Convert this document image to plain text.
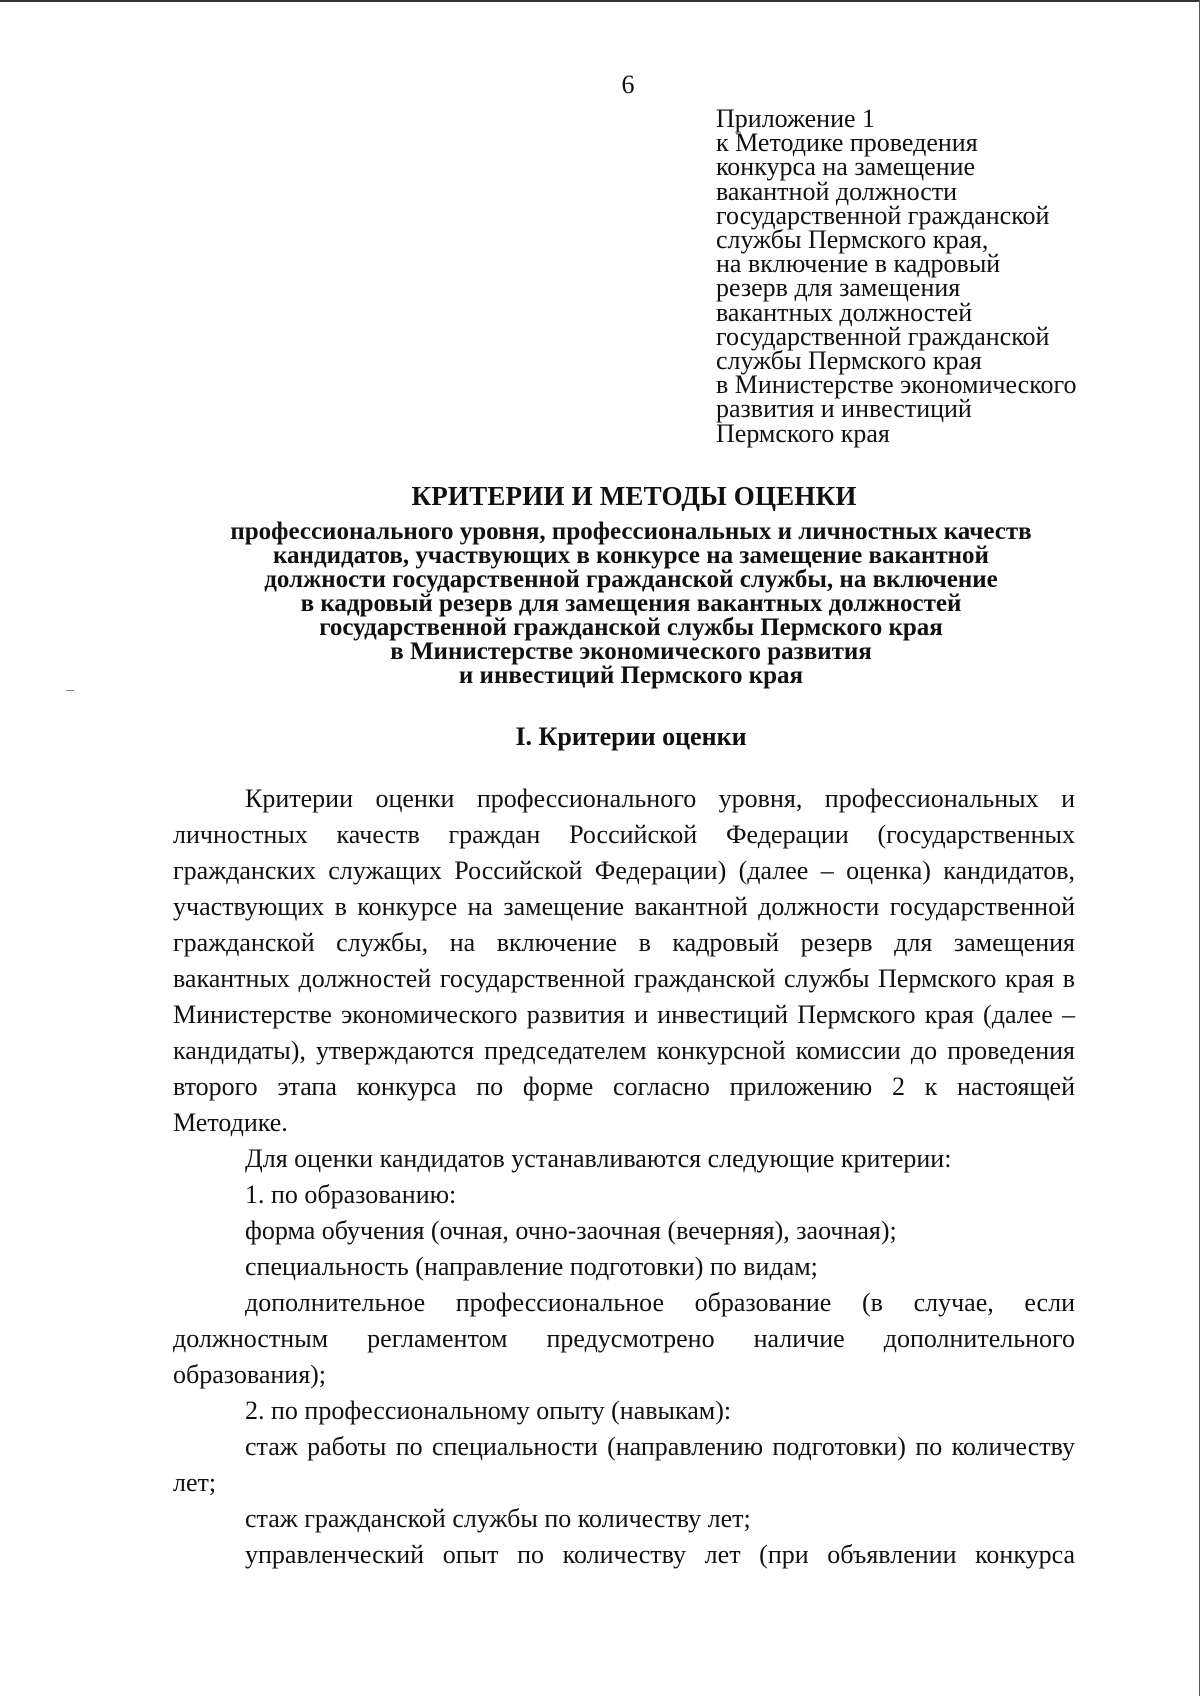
6
Приложение 1
к Методике проведения
конкурса на замещение
вакантной должности
государственной гражданской
службы Пермского края,
на включение в кадровый
резерв для замещения
вакантных должностей
государственной гражданской
службы Пермского края
в Министерстве экономического
развития и инвестиций
Пермского края
КРИТЕРИИ И МЕТОДЫ ОЦЕНКИ
профессионального уровня, профессиональных и личностных качеств
кандидатов, участвующих в конкурсе на замещение вакантной
должности государственной гражданской службы, на включение
в кадровый резерв для замещения вакантных должностей
государственной гражданской службы Пермского края
в Министерстве экономического развития
и инвестиций Пермского края
I. Критерии оценки

Критерии оценки профессионального уровня, профессиональных и личностных качеств граждан Российской Федерации (государственных гражданских служащих Российской Федерации) (далее – оценка) кандидатов, участвующих в конкурсе на замещение вакантной должности государственной гражданской службы, на включение в кадровый резерв для замещения вакантных должностей государственной гражданской службы Пермского края в Министерстве экономического развития и инвестиций Пермского края (далее – кандидаты), утверждаются председателем конкурсной комиссии до проведения второго этапа конкурса по форме согласно приложению 2 к настоящей Методике.

Для оценки кандидатов устанавливаются следующие критерии:

1. по образованию:

форма обучения (очная, очно-заочная (вечерняя), заочная);

специальность (направление подготовки) по видам;

дополнительное профессиональное образование (в случае, если должностным регламентом предусмотрено наличие дополнительного образования);

2. по профессиональному опыту (навыкам):

стаж работы по специальности (направлению подготовки) по количеству лет;

стаж гражданской службы по количеству лет;

управленческий опыт по количеству лет (при объявлении конкурса
